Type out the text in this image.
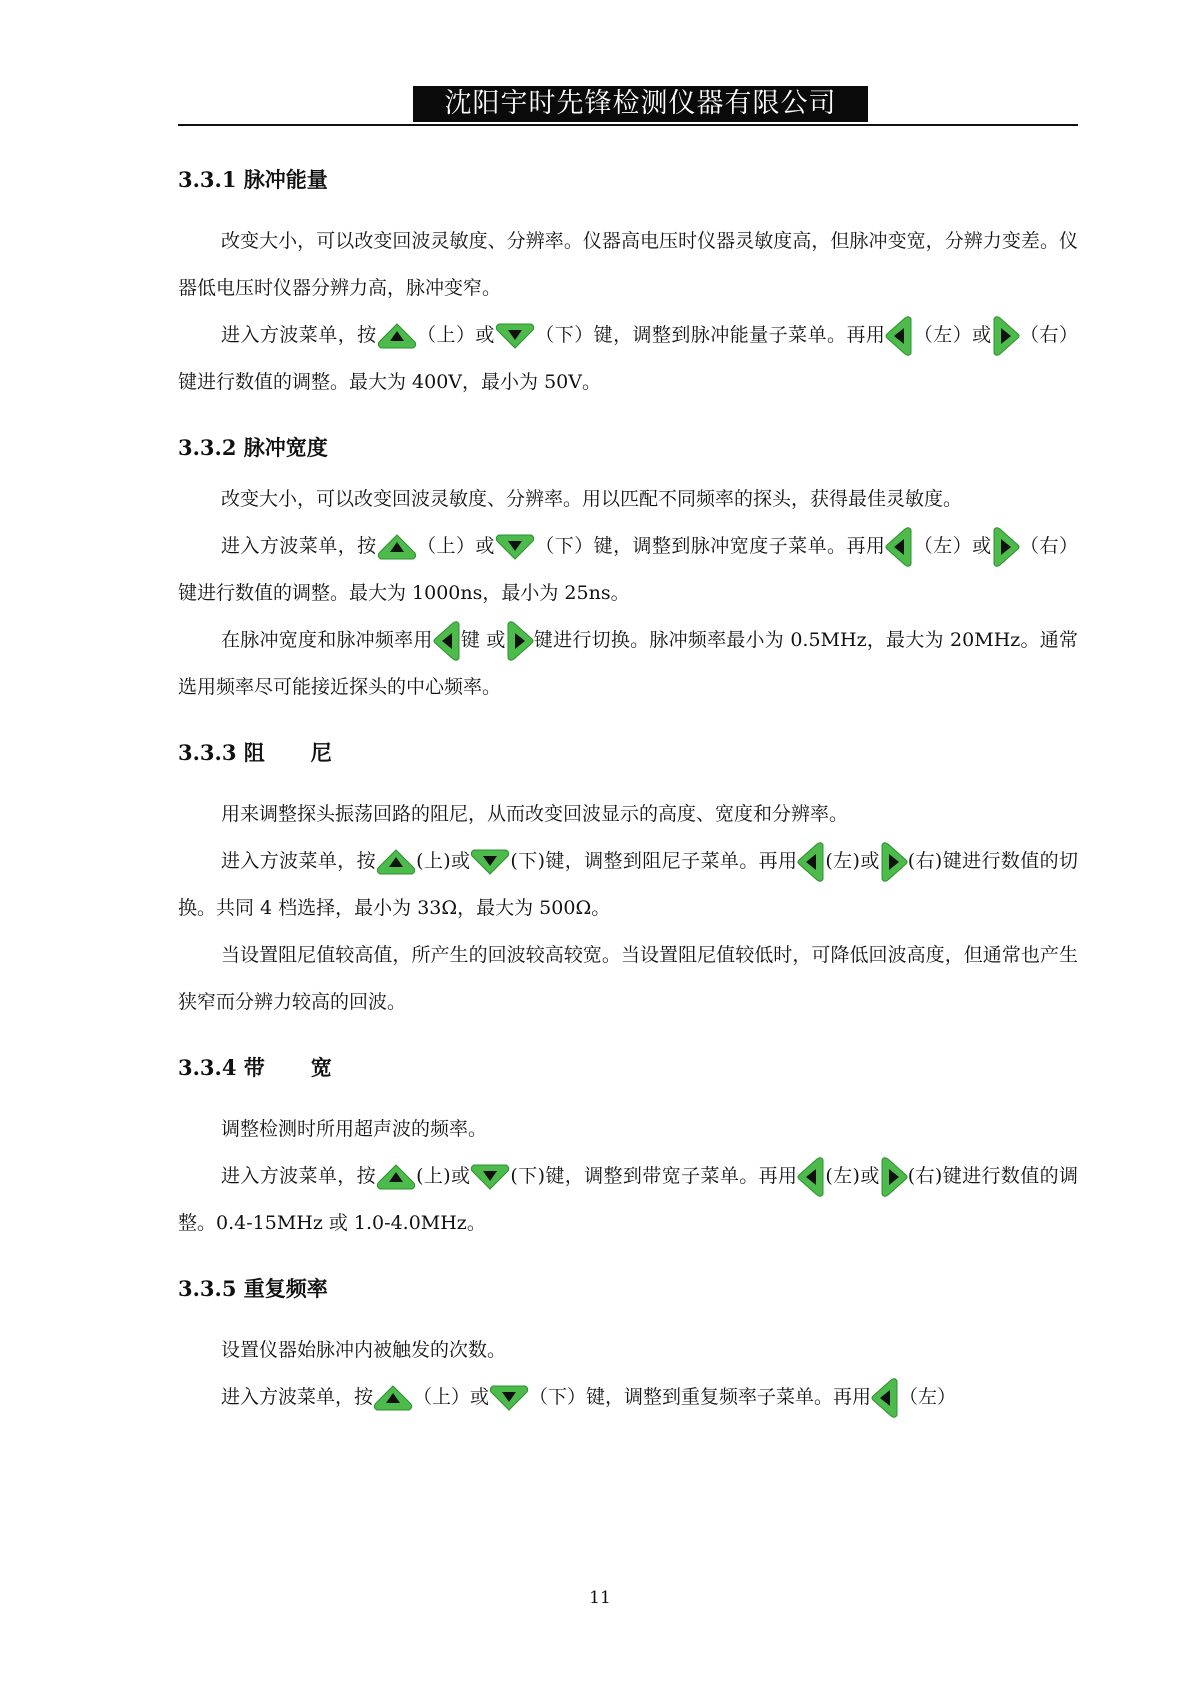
沈阳宇时先锋检测仪器有限公司
3.3.1 脉冲能量

改变大小，可以改变回波灵敏度、分辨率。仪器高电压时仪器灵敏度高，但脉冲变宽，分辨力变差。仪器低电压时仪器分辨力高，脉冲变窄。

进入方波菜单，按 （上）或 （下）键，调整到脉冲能量子菜单。再用 （左）或 （右）键进行数值的调整。最大为 400V，最小为 50V。

3.3.2 脉冲宽度

改变大小，可以改变回波灵敏度、分辨率。用以匹配不同频率的探头，获得最佳灵敏度。

进入方波菜单，按 （上）或 （下）键，调整到脉冲宽度子菜单。再用 （左）或 （右）键进行数值的调整。最大为 1000ns，最小为 25ns。

在脉冲宽度和脉冲频率用 键 或 键进行切换。脉冲频率最小为 0.5MHz，最大为 20MHz。通常选用频率尽可能接近探头的中心频率。

3.3.3 阻 尼

用来调整探头振荡回路的阻尼，从而改变回波显示的高度、宽度和分辨率。

进入方波菜单，按 (上)或 (下)键，调整到阻尼子菜单。再用 (左)或 (右)键进行数值的切换。共同 4 档选择，最小为 33Ω，最大为 500Ω。

当设置阻尼值较高值，所产生的回波较高较宽。当设置阻尼值较低时，可降低回波高度，但通常也产生狭窄而分辨力较高的回波。

3.3.4 带 宽

调整检测时所用超声波的频率。

进入方波菜单，按 (上)或 (下)键，调整到带宽子菜单。再用 (左)或 (右)键进行数值的调整。0.4-15MHz 或 1.0-4.0MHz。

3.3.5 重复频率

设置仪器始脉冲内被触发的次数。

进入方波菜单，按 （上）或 （下）键，调整到重复频率子菜单。再用 （左）

11
